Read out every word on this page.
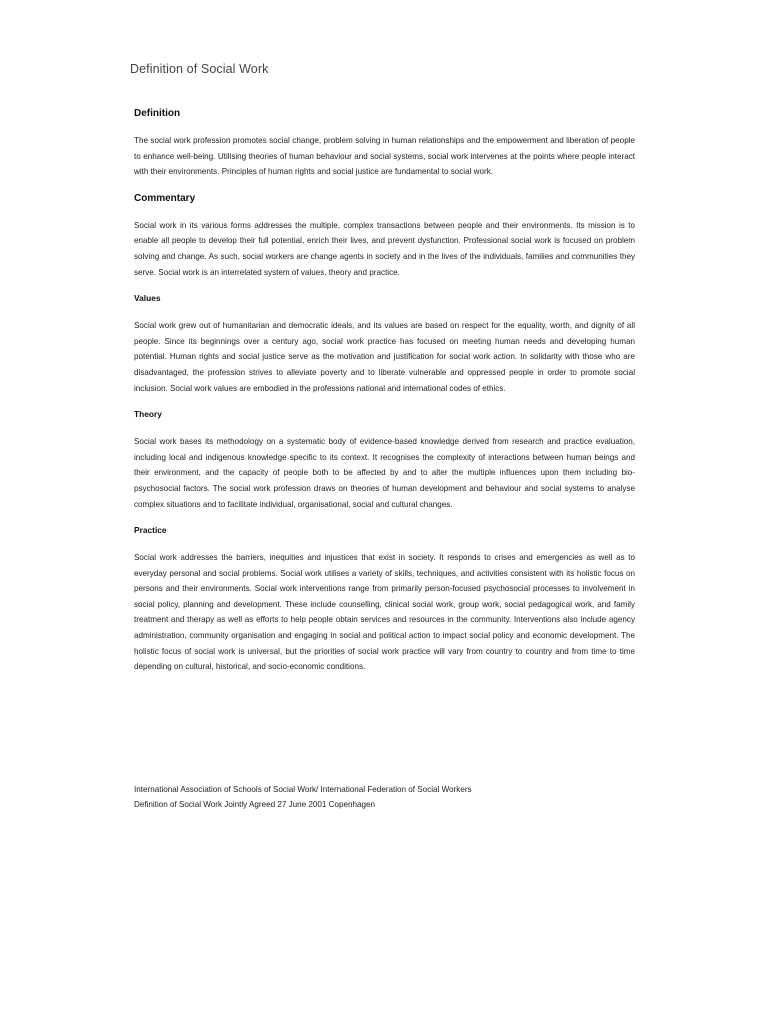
Definition of Social Work
Definition

The social work profession promotes social change, problem solving in human relationships and the empowerment and liberation of people to enhance well-being. Utilising theories of human behaviour and social systems, social work intervenes at the points where people interact with their environments. Principles of human rights and social justice are fundamental to social work.

Commentary

Social work in its various forms addresses the multiple, complex transactions between people and their environments. Its mission is to enable all people to develop their full potential, enrich their lives, and prevent dysfunction. Professional social work is focused on problem solving and change. As such, social workers are change agents in society and in the lives of the individuals, families and communities they serve. Social work is an interrelated system of values, theory and practice.

Values

Social work grew out of humanitarian and democratic ideals, and its values are based on respect for the equality, worth, and dignity of all people. Since its beginnings over a century ago, social work practice has focused on meeting human needs and developing human potential. Human rights and social justice serve as the motivation and justification for social work action. In solidarity with those who are disadvantaged, the profession strives to alleviate poverty and to liberate vulnerable and oppressed people in order to promote social inclusion. Social work values are embodied in the professions national and international codes of ethics.

Theory

Social work bases its methodology on a systematic body of evidence-based knowledge derived from research and practice evaluation, including local and indigenous knowledge specific to its context. It recognises the complexity of interactions between human beings and their environment, and the capacity of people both to be affected by and to alter the multiple influences upon them including bio-psychosocial factors. The social work profession draws on theories of human development and behaviour and social systems to analyse complex situations and to facilitate individual, organisational, social and cultural changes.

Practice

Social work addresses the barriers, inequities and injustices that exist in society. It responds to crises and emergencies as well as to everyday personal and social problems. Social work utilises a variety of skills, techniques, and activities consistent with its holistic focus on persons and their environments. Social work interventions range from primarily person-focused psychosocial processes to involvement in social policy, planning and development. These include counselling, clinical social work, group work, social pedagogical work, and family treatment and therapy as well as efforts to help people obtain services and resources in the community. Interventions also include agency administration, community organisation and engaging in social and political action to impact social policy and economic development. The holistic focus of social work is universal, but the priorities of social work practice will vary from country to country and from time to time depending on cultural, historical, and socio-economic conditions.

International Association of Schools of Social Work/ International Federation of Social Workers
Definition of Social Work Jointly Agreed 27 June 2001 Copenhagen
